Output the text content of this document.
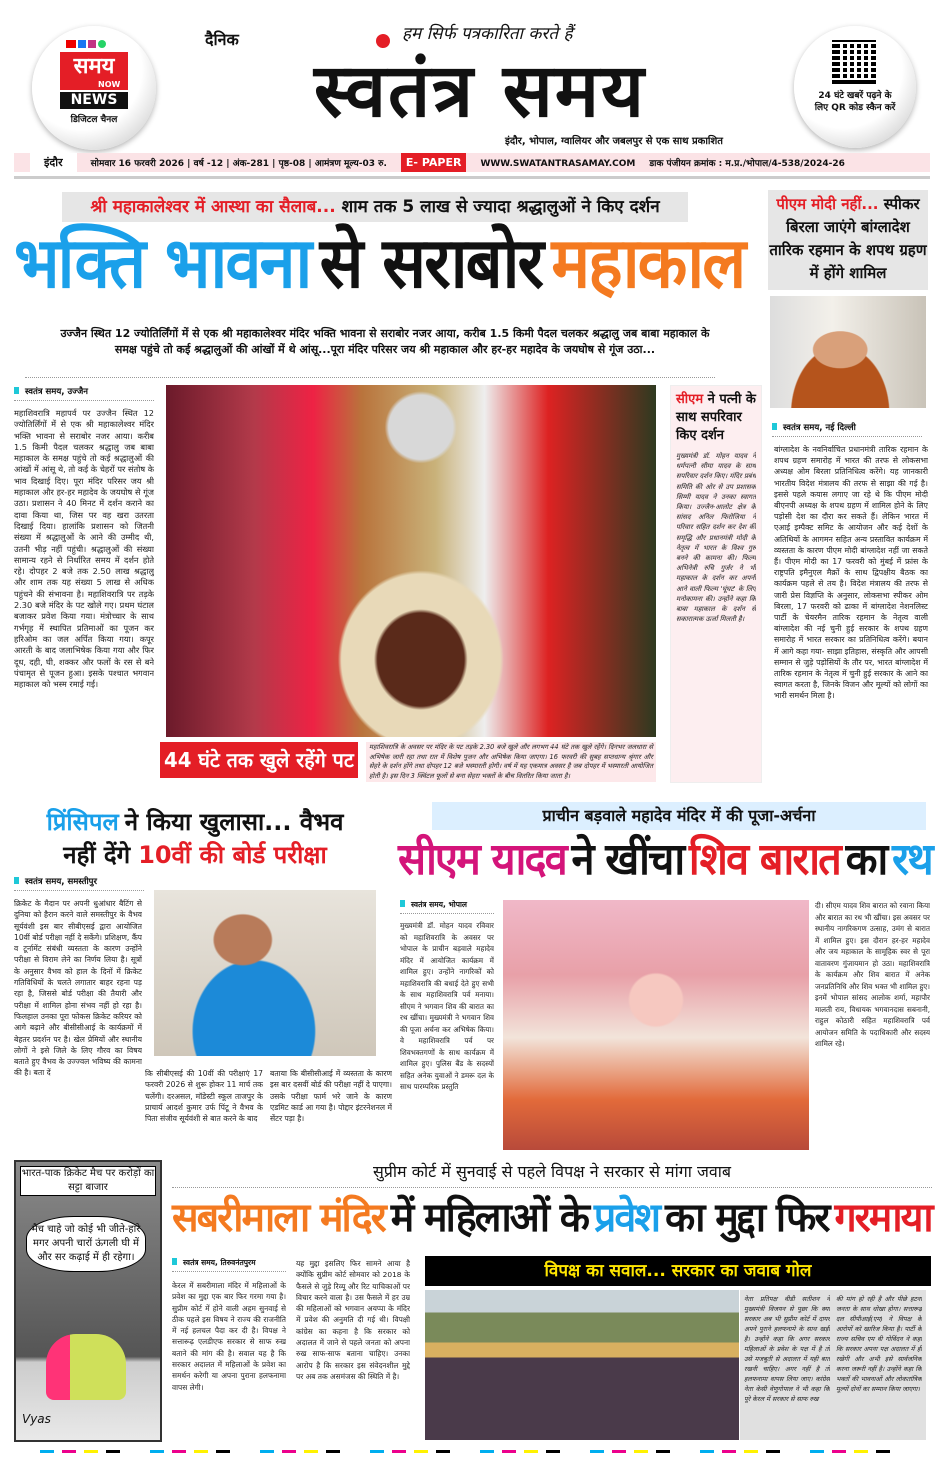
समय
NOW
NEWS
डिजिटल चैनल
दैनिक	हम सिर्फ पत्रकारिता करते हैं
स्वतंत्र समय
इंदौर, भोपाल, ग्वालियर और जबलपुर से एक साथ प्रकाशित
24 घंटे खबरें पढ़ने के लिए QR कोड स्कैन करें
इंदौर	सोमवार 16 फरवरी 2026 | वर्ष -12 | अंक-281 | पृष्ठ-08 | आमंत्रण मूल्य-03 रु.	E- PAPER	WWW.SWATANTRASAMAY.COM डाक पंजीयन क्रमांक : म.प्र./भोपाल/4-538/2024-26
श्री महाकालेश्वर में आस्था का सैलाब... शाम तक 5 लाख से ज्यादा श्रद्धालुओं ने किए दर्शन
भक्ति भावना से सराबोर महाकाल
उज्जैन स्थित 12 ज्योतिर्लिंगों में से एक श्री महाकालेश्वर मंदिर भक्ति भावना से सराबोर नजर आया, करीब 1.5 किमी पैदल चलकर श्रद्धालु जब बाबा महाकाल के समक्ष पहुंचे तो कई श्रद्धालुओं की आंखों में थे आंसू...पूरा मंदिर परिसर जय श्री महाकाल और हर-हर महादेव के जयघोष से गूंज उठा...
स्वतंत्र समय, उज्जैन
महाशिवरात्रि महापर्व पर उज्जैन स्थित 12 ज्योतिर्लिंगों में से एक श्री महाकालेश्वर मंदिर भक्ति भावना से सराबोर नजर आया। करीब 1.5 किमी पैदल चलकर श्रद्धालु जब बाबा महाकाल के समक्ष पहुंचे तो कई श्रद्धालुओं की आंखों में आंसू थे, तो कई के चेहरों पर संतोष के भाव दिखाई दिए। पूरा मंदिर परिसर जय श्री महाकाल और हर-हर महादेव के जयघोष से गूंज उठा। प्रशासन ने 40 मिनट में दर्शन कराने का दावा किया था, जिस पर वह खरा उतरता दिखाई दिया। हालांकि प्रशासन को जितनी संख्या में श्रद्धालुओं के आने की उम्मीद थी, उतनी भीड़ नहीं पहुंची। श्रद्धालुओं की संख्या सामान्य रहने से निर्धारित समय में दर्शन होते रहे। दोपहर 2 बजे तक 2.50 लाख श्रद्धालु और शाम तक यह संख्या 5 लाख से अधिक पहुंचने की संभावना है। महाशिवरात्रि पर तड़के 2.30 बजे मंदिर के पट खोले गए। प्रथम घंटाल बजाकर प्रवेश किया गया। मंत्रोच्चार के साथ गर्भगृह में स्थापित प्रतिमाओं का पूजन कर हरिओम का जल अर्पित किया गया। कपूर आरती के बाद जलाभिषेक किया गया और फिर दूध, दही, घी, शक्कर और फलों के रस से बने पंचामृत से पूजन हुआ। इसके पश्चात भगवान महाकाल को भस्म रमाई गई।
44 घंटे तक खुले रहेंगे पट
महाशिवरात्रि के अवसर पर मंदिर के पट तड़के 2.30 बजे खुले और लगभग 44 घंटे तक खुले रहेंगे। दिनभर जलधारा से अभिषेक जारी रहा तथा रात में विशेष पूजन और अभिषेक किया जाएगा। 16 फरवरी की सुबह सप्तधान्य श्रृंगार और सेहरे के दर्शन होंगे तथा दोपहर 12 बजे भस्मारती होगी। वर्ष में यह एकमात्र अवसर है जब दोपहर में भस्मारती आयोजित होती है। इस दिन 3 क्विंटल फूलों से बना सेहरा भक्तों के बीच वितरित किया जाता है।
सीएम ने पत्नी के साथ सपरिवार किए दर्शन
मुख्यमंत्री डॉ. मोहन यादव ने धर्मपत्नी सीमा यादव के साथ सपरिवार दर्शन किए। मंदिर प्रबंध समिति की ओर से उप प्रशासक सिम्मी यादव ने उनका स्वागत किया। उज्जैन-आलोट क्षेत्र के सांसद अनिल फिरोजिया ने परिवार सहित दर्शन कर देश की समृद्धि और प्रधानमंत्री मोदी के नेतृत्व में भारत के विश्व गुरु बनने की कामना की। फिल्म अभिनेत्री रुचि गुर्जर ने भी महाकाल के दर्शन कर अपनी आने वाली फिल्म 'घूंघट' के लिए मनोकामना की। उन्होंने कहा कि बाबा महाकाल के दर्शन से सकारात्मक ऊर्जा मिलती है।
पीएम मोदी नहीं... स्पीकर बिरला जाएंगे बांग्लादेश तारिक रहमान के शपथ ग्रहण में होंगे शामिल
स्वतंत्र समय, नई दिल्ली
बांग्लादेश के नवनिर्वाचित प्रधानमंत्री तारिक रहमान के शपथ ग्रहण समारोह में भारत की तरफ से लोकसभा अध्यक्ष ओम बिरला प्रतिनिधित्व करेंगे। यह जानकारी भारतीय विदेश मंत्रालय की तरफ से साझा की गई है। इससे पहले कयास लगाए जा रहे थे कि पीएम मोदी बीएनपी अध्यक्ष के शपथ ग्रहण में शामिल होने के लिए पड़ोसी देश का दौरा कर सकते हैं। लेकिन भारत में एआई इम्पैक्ट समिट के आयोजन और कई देशों के अतिथियों के आगमन सहित अन्य प्रस्तावित कार्यक्रम में व्यस्तता के कारण पीएम मोदी बांग्लादेश नहीं जा सकते हैं। पीएम मोदी का 17 फरवरी को मुंबई में फ्रांस के राष्ट्रपति इमैनुएल मैक्रों के साथ द्विपक्षीय बैठक का कार्यक्रम पहले से तय है। विदेश मंत्रालय की तरफ से जारी प्रेस विज्ञप्ति के अनुसार, लोकसभा स्पीकर ओम बिरला, 17 फरवरी को ढाका में बांग्लादेश नेशनलिस्ट पार्टी के चेयरमैन तारिक रहमान के नेतृत्व वाली बांग्लादेश की नई चुनी हुई सरकार के शपथ ग्रहण समारोह में भारत सरकार का प्रतिनिधित्व करेंगे। बयान में आगे कहा गया- साझा इतिहास, संस्कृति और आपसी सम्मान से जुड़े पड़ोसियों के तौर पर, भारत बांग्लादेश में तारिक रहमान के नेतृत्व में चुनी हुई सरकार के आने का स्वागत करता है, जिनके विजन और मूल्यों को लोगों का भारी समर्थन मिला है।
प्रिंसिपल ने किया खुलासा... वैभव
नहीं देंगे 10वीं की बोर्ड परीक्षा
स्वतंत्र समय, समस्तीपुर
क्रिकेट के मैदान पर अपनी धुआंधार बैटिंग से दुनिया को हैरान करने वाले समस्तीपुर के वैभव सूर्यवंशी इस बार सीबीएसई द्वारा आयोजित 10वीं बोर्ड परीक्षा नहीं दे सकेंगे। प्रशिक्षण, कैंप व टूर्नामेंट संबंधी व्यस्तता के कारण उन्होंने परीक्षा से विराम लेने का निर्णय लिया है। सूत्रों के अनुसार वैभव को हाल के दिनों में क्रिकेट गतिविधियों के चलते लगातार बाहर रहना पड़ रहा है, जिससे बोर्ड परीक्षा की तैयारी और परीक्षा में शामिल होना संभव नहीं हो रहा है। फिलहाल उनका पूरा फोकस क्रिकेट करियर को आगे बढ़ाने और बीसीसीआई के कार्यक्रमों में बेहतर प्रदर्शन पर है। खेल प्रेमियों और स्थानीय लोगों ने इसे जिले के लिए गौरव का विषय बताते हुए वैभव के उज्ज्वल भविष्य की कामना की है। बता दें	कि सीबीएसई की 10वीं की परीक्षाएं 17 फरवरी 2026 से शुरू होकर 11 मार्च तक चलेंगी। दरअसल, मॉडेस्टी स्कूल ताजपुर के प्राचार्य आदर्श कुमार उर्फ पिंटू ने वैभव के पिता संजीव सूर्यवंशी से बात करने के बाद
बताया कि बीसीसीआई में व्यस्तता के कारण इस बार दसवीं बोर्ड की परीक्षा नहीं दे पाएगा। उसके परीक्षा फार्म भरे जाने के कारण एडमिट कार्ड आ गया है। पोद्दार इंटरनेशनल में सेंटर पड़ा है।
प्राचीन बड़वाले महादेव मंदिर में की पूजा-अर्चना
सीएम यादव ने खींचा शिव बारात का रथ
स्वतंत्र समय, भोपाल
मुख्यमंत्री डॉ. मोहन यादव रविवार को महाशिवरात्रि के अवसर पर भोपाल के प्राचीन बड़वाले महादेव मंदिर में आयोजित कार्यक्रम में शामिल हुए। उन्होंने नागरिकों को महाशिवरात्रि की बधाई देते हुए सभी के साथ महाशिवरात्रि पर्व मनाया। सीएम ने भगवान शिव की बारात का रथ खींचा। मुख्यमंत्री ने भगवान शिव की पूजा अर्चना कर अभिषेक किया। वे महाशिवरात्रि पर्व पर शिवभक्तगणों के साथ कार्यक्रम में शामिल हुए। पुलिस बैंड के सदस्यों सहित अनेक युवाओं ने डमरू दल के साथ पारम्परिक प्रस्तुति
दी। सीएम यादव शिव बारात को रवाना किया और बारात का रथ भी खींचा। इस अवसर पर स्थानीय नागरिकगण उत्साह, उमंग से बारात में शामिल हुए। इस दौरान हर-हर महादेव और जय महाकाल के सामूहिक स्वर से पूरा वातावरण गुंजायमान हो उठा। महाशिवरात्रि के कार्यक्रम और शिव बारात में अनेक जनप्रतिनिधि और शिव भक्त भी शामिल हुए। इनमें भोपाल सांसद आलोक शर्मा, महापौर मालती राय, विधायक भगवानदास सबनानी, राहुल कोठारी सहित महाशिवरात्रि पर्व आयोजन समिति के पदाधिकारी और सदस्य शामिल रहे।
भारत-पाक क्रिकेट मैच पर करोड़ों का सट्टा बाजार
मैच चाहे जो कोई भी जीते-हारे मगर अपनी चारों ऊंगली घी में और सर कढ़ाई में ही रहेगा।
Vyas
सुप्रीम कोर्ट में सुनवाई से पहले विपक्ष ने सरकार से मांगा जवाब
सबरीमाला मंदिर में महिलाओं के प्रवेश का मुद्दा फिर गरमाया
स्वतंत्र समय, तिरुवनंतपुरम
केरल में सबरीमाला मंदिर में महिलाओं के प्रवेश का मुद्दा एक बार फिर गरमा गया है। सुप्रीम कोर्ट में होने वाली अहम सुनवाई से ठीक पहले इस विषय ने राज्य की राजनीति में नई हलचल पैदा कर दी है। विपक्ष ने सत्तारूढ़ एलडीएफ सरकार से साफ रुख बताने की मांग की है। सवाल यह है कि सरकार अदालत में महिलाओं के प्रवेश का समर्थन करेगी या अपना पुराना हलफनामा वापस लेगी।
यह मुद्दा इसलिए फिर सामने आया है क्योंकि सुप्रीम कोर्ट सोमवार को 2018 के फैसले से जुड़े रिव्यू और रिट याचिकाओं पर विचार करने वाला है। उस फैसले में हर उम्र की महिलाओं को भगवान अयप्पा के मंदिर में प्रवेश की अनुमति दी गई थी। विपक्षी कांग्रेस का कहना है कि सरकार को अदालत में जाने से पहले जनता को अपना रुख साफ-साफ बताना चाहिए। उनका आरोप है कि सरकार इस संवेदनशील मुद्दे पर अब तक असमंजस की स्थिति में है।
विपक्ष का सवाल... सरकार का जवाब गोल
नेता प्रतिपक्ष वीडी सतीशन ने मुख्यमंत्री विजयन से पूछा कि क्या सरकार अब भी सुप्रीम कोर्ट में दायर अपने पुराने हलफनामे के साथ खड़ी है। उन्होंने कहा कि अगर सरकार महिलाओं के प्रवेश के पक्ष में है तो उसे मजबूती से अदालत में यही बात रखनी चाहिए। अगर नहीं है तो हलफनामा वापस लिया जाए। कांग्रेस नेता केसी वेणुगोपाल ने भी कहा कि पूरे केरल में सरकार से साफ रुख
की मांग हो रही है और पीछे हटना जनता के साथ धोखा होगा। सत्तारूढ़ दल सीपीआई(एम) ने विपक्ष के आरोपों को खारिज किया है। पार्टी के राज्य सचिव एम वी गोविंदन ने कहा कि सरकार अपना पक्ष अदालत में ही रखेगी और अभी इसे सार्वजनिक करना जरूरी नहीं है। उन्होंने कहा कि भक्तों की भावनाओं और लोकतांत्रिक मूल्यों दोनों का सम्मान किया जाएगा।
